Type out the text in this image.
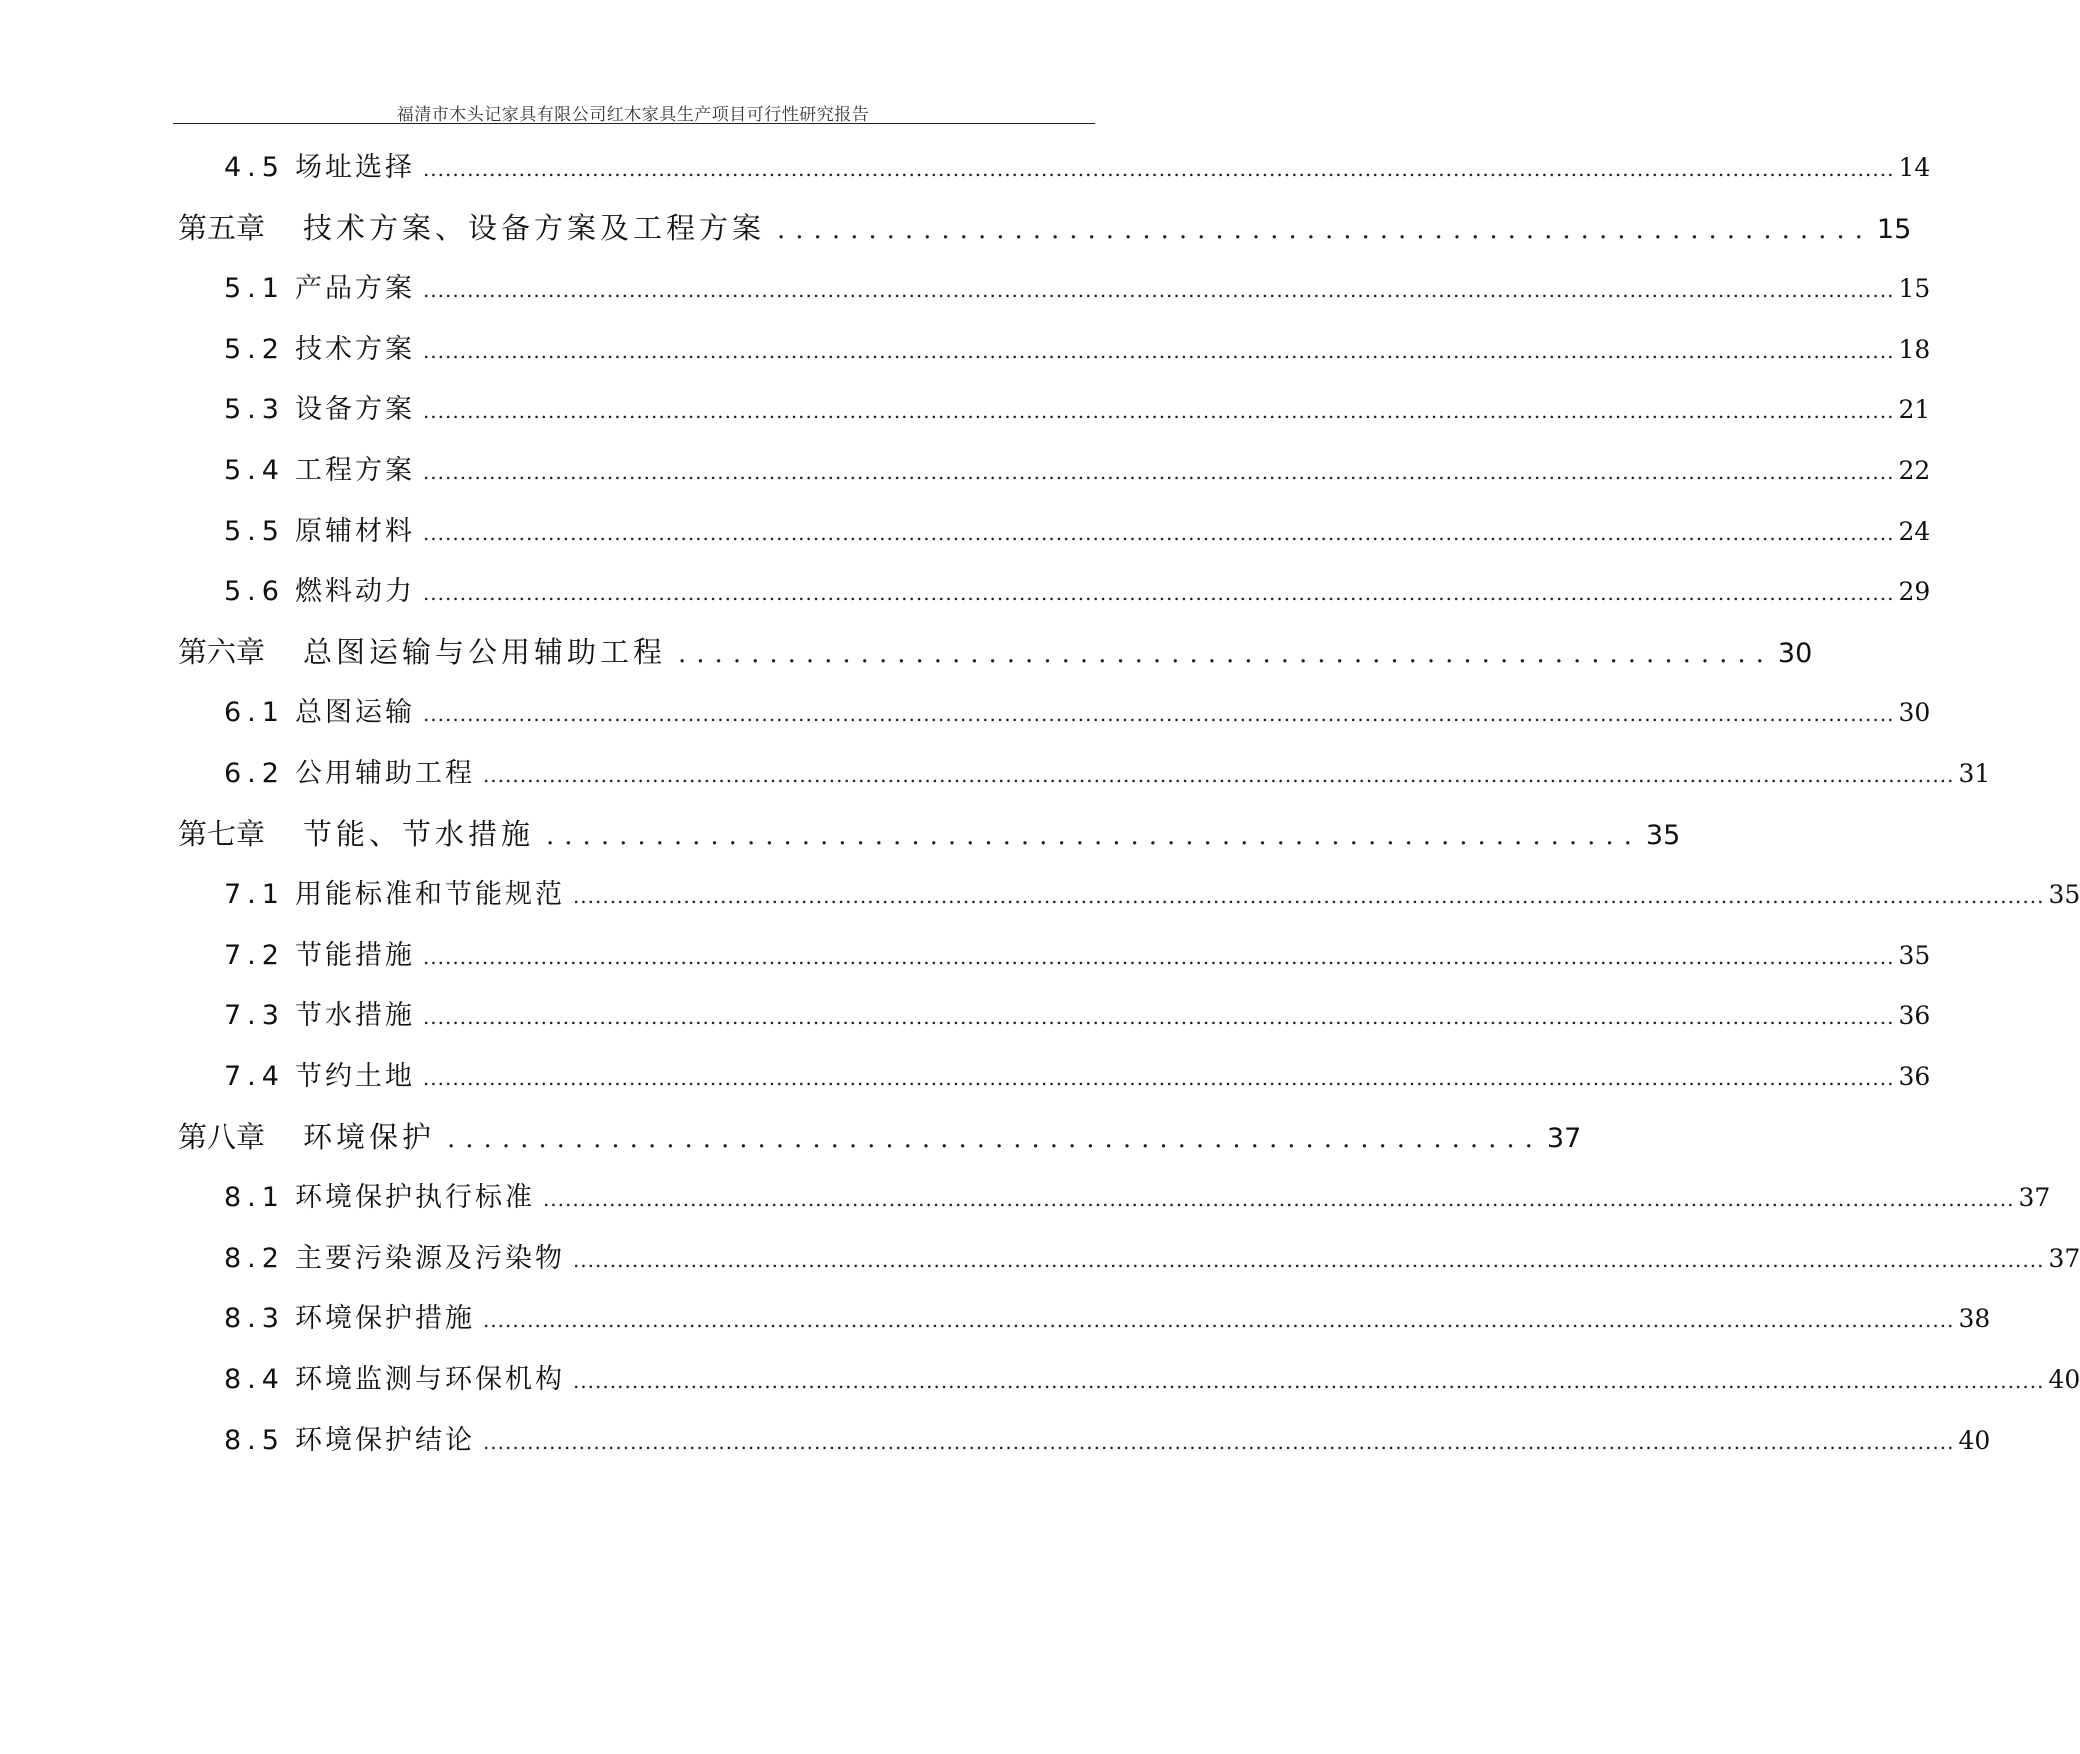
福清市木头记家具有限公司红木家具生产项目可行性研究报告
4.5 场址选择 ........................................................................................................................................................................................................ 14
第五章 技术方案、设备方案及工程方案 ............................................................ 15
5.1 产品方案 ........................................................................................................................................................................................................ 15
5.2 技术方案 ........................................................................................................................................................................................................ 18
5.3 设备方案 ........................................................................................................................................................................................................ 21
5.4 工程方案 ........................................................................................................................................................................................................ 22
5.5 原辅材料 ........................................................................................................................................................................................................ 24
5.6 燃料动力 ........................................................................................................................................................................................................ 29
第六章 总图运输与公用辅助工程 ............................................................ 30
6.1 总图运输 ........................................................................................................................................................................................................ 30
6.2 公用辅助工程 ........................................................................................................................................................................................................ 31
第七章 节能、节水措施 ............................................................ 35
7.1 用能标准和节能规范 ........................................................................................................................................................................................................ 35
7.2 节能措施 ........................................................................................................................................................................................................ 35
7.3 节水措施 ........................................................................................................................................................................................................ 36
7.4 节约土地 ........................................................................................................................................................................................................ 36
第八章 环境保护 ............................................................ 37
8.1 环境保护执行标准 ........................................................................................................................................................................................................ 37
8.2 主要污染源及污染物 ........................................................................................................................................................................................................ 37
8.3 环境保护措施 ........................................................................................................................................................................................................ 38
8.4 环境监测与环保机构 ........................................................................................................................................................................................................ 40
8.5 环境保护结论 ........................................................................................................................................................................................................ 40
